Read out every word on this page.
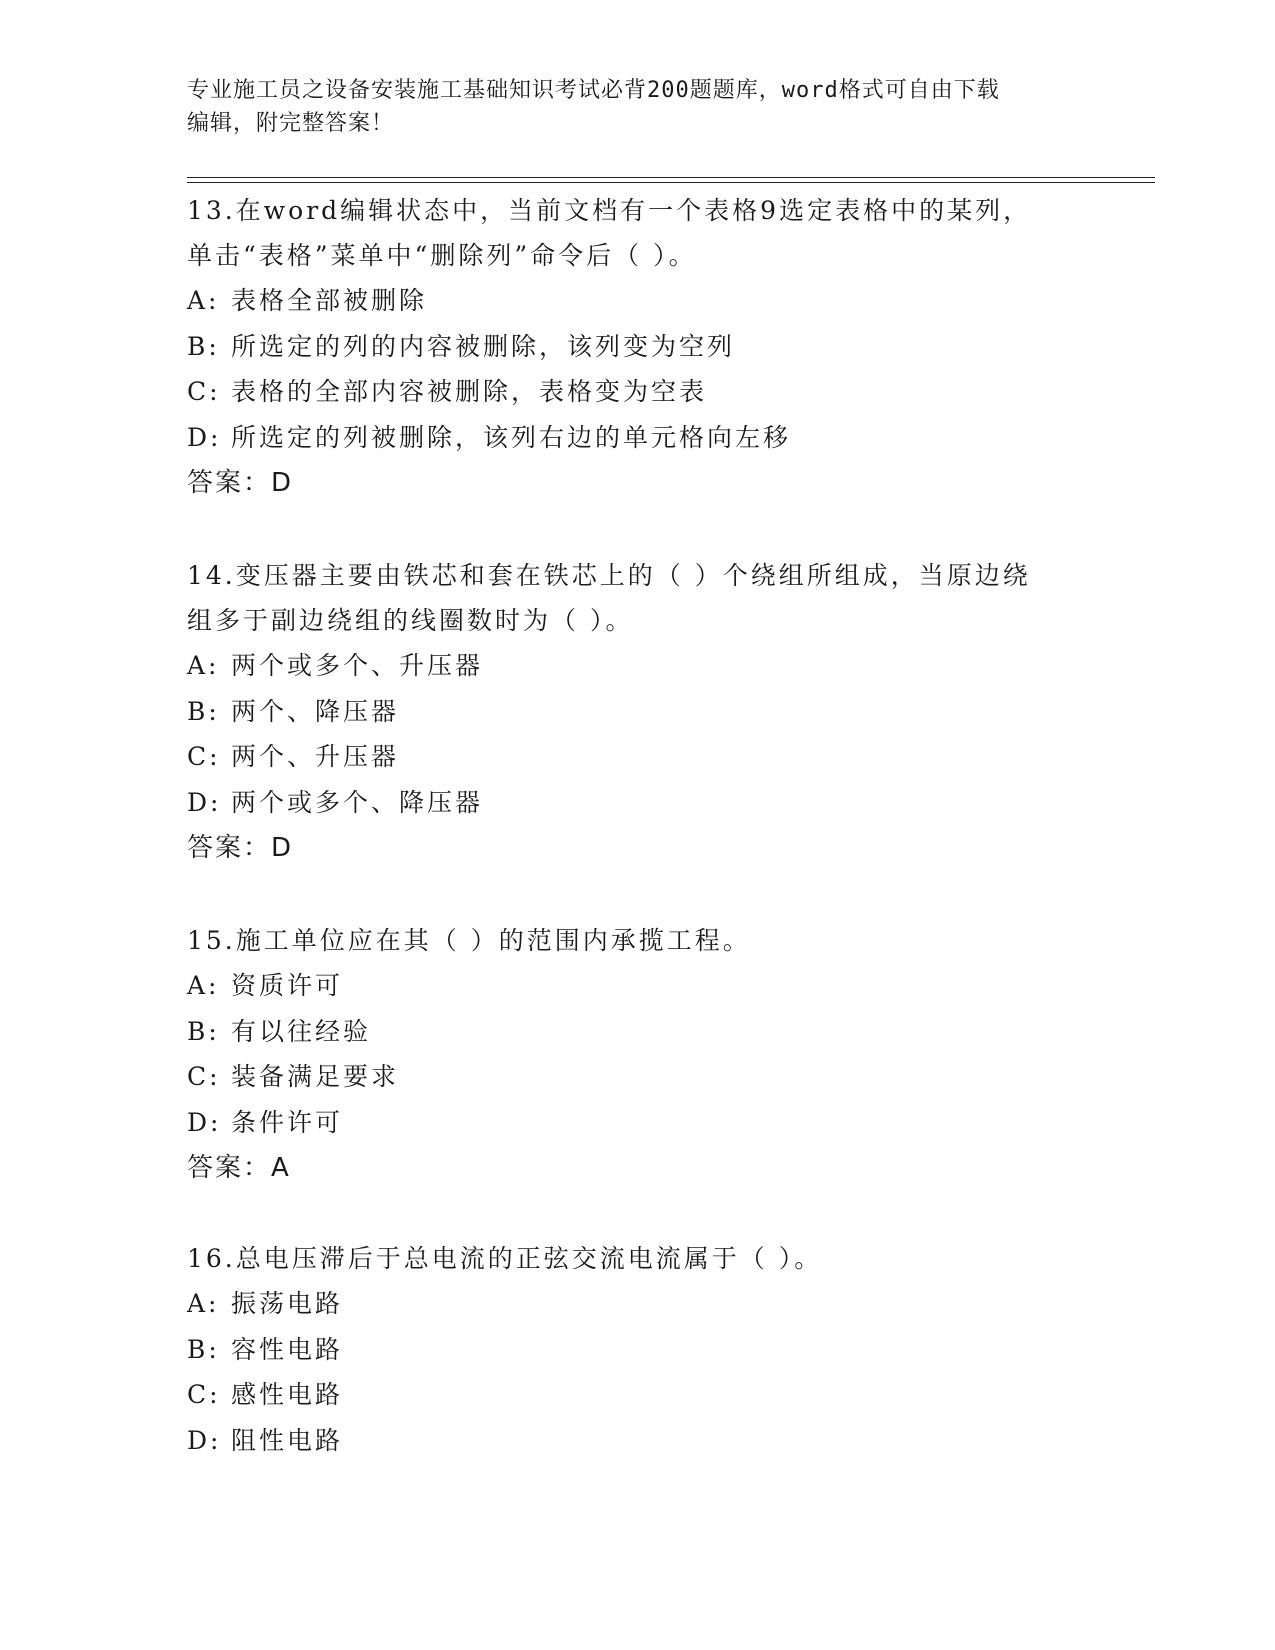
专业施工员之设备安装施工基础知识考试必背200题题库，word格式可自由下载
编辑，附完整答案！
13.在word编辑状态中，当前文档有一个表格9选定表格中的某列，
单击“表格”菜单中“删除列”命令后（ ）。
A: 表格全部被删除
B: 所选定的列的内容被删除，该列变为空列
C: 表格的全部内容被删除，表格变为空表
D: 所选定的列被删除，该列右边的单元格向左移
答案：D
14.变压器主要由铁芯和套在铁芯上的（ ）个绕组所组成，当原边绕
组多于副边绕组的线圈数时为（ ）。
A: 两个或多个、升压器
B: 两个、降压器
C: 两个、升压器
D: 两个或多个、降压器
答案：D
15.施工单位应在其（ ）的范围内承揽工程。
A: 资质许可
B: 有以往经验
C: 装备满足要求
D: 条件许可
答案：A
16.总电压滞后于总电流的正弦交流电流属于（ ）。
A: 振荡电路
B: 容性电路
C: 感性电路
D: 阻性电路
